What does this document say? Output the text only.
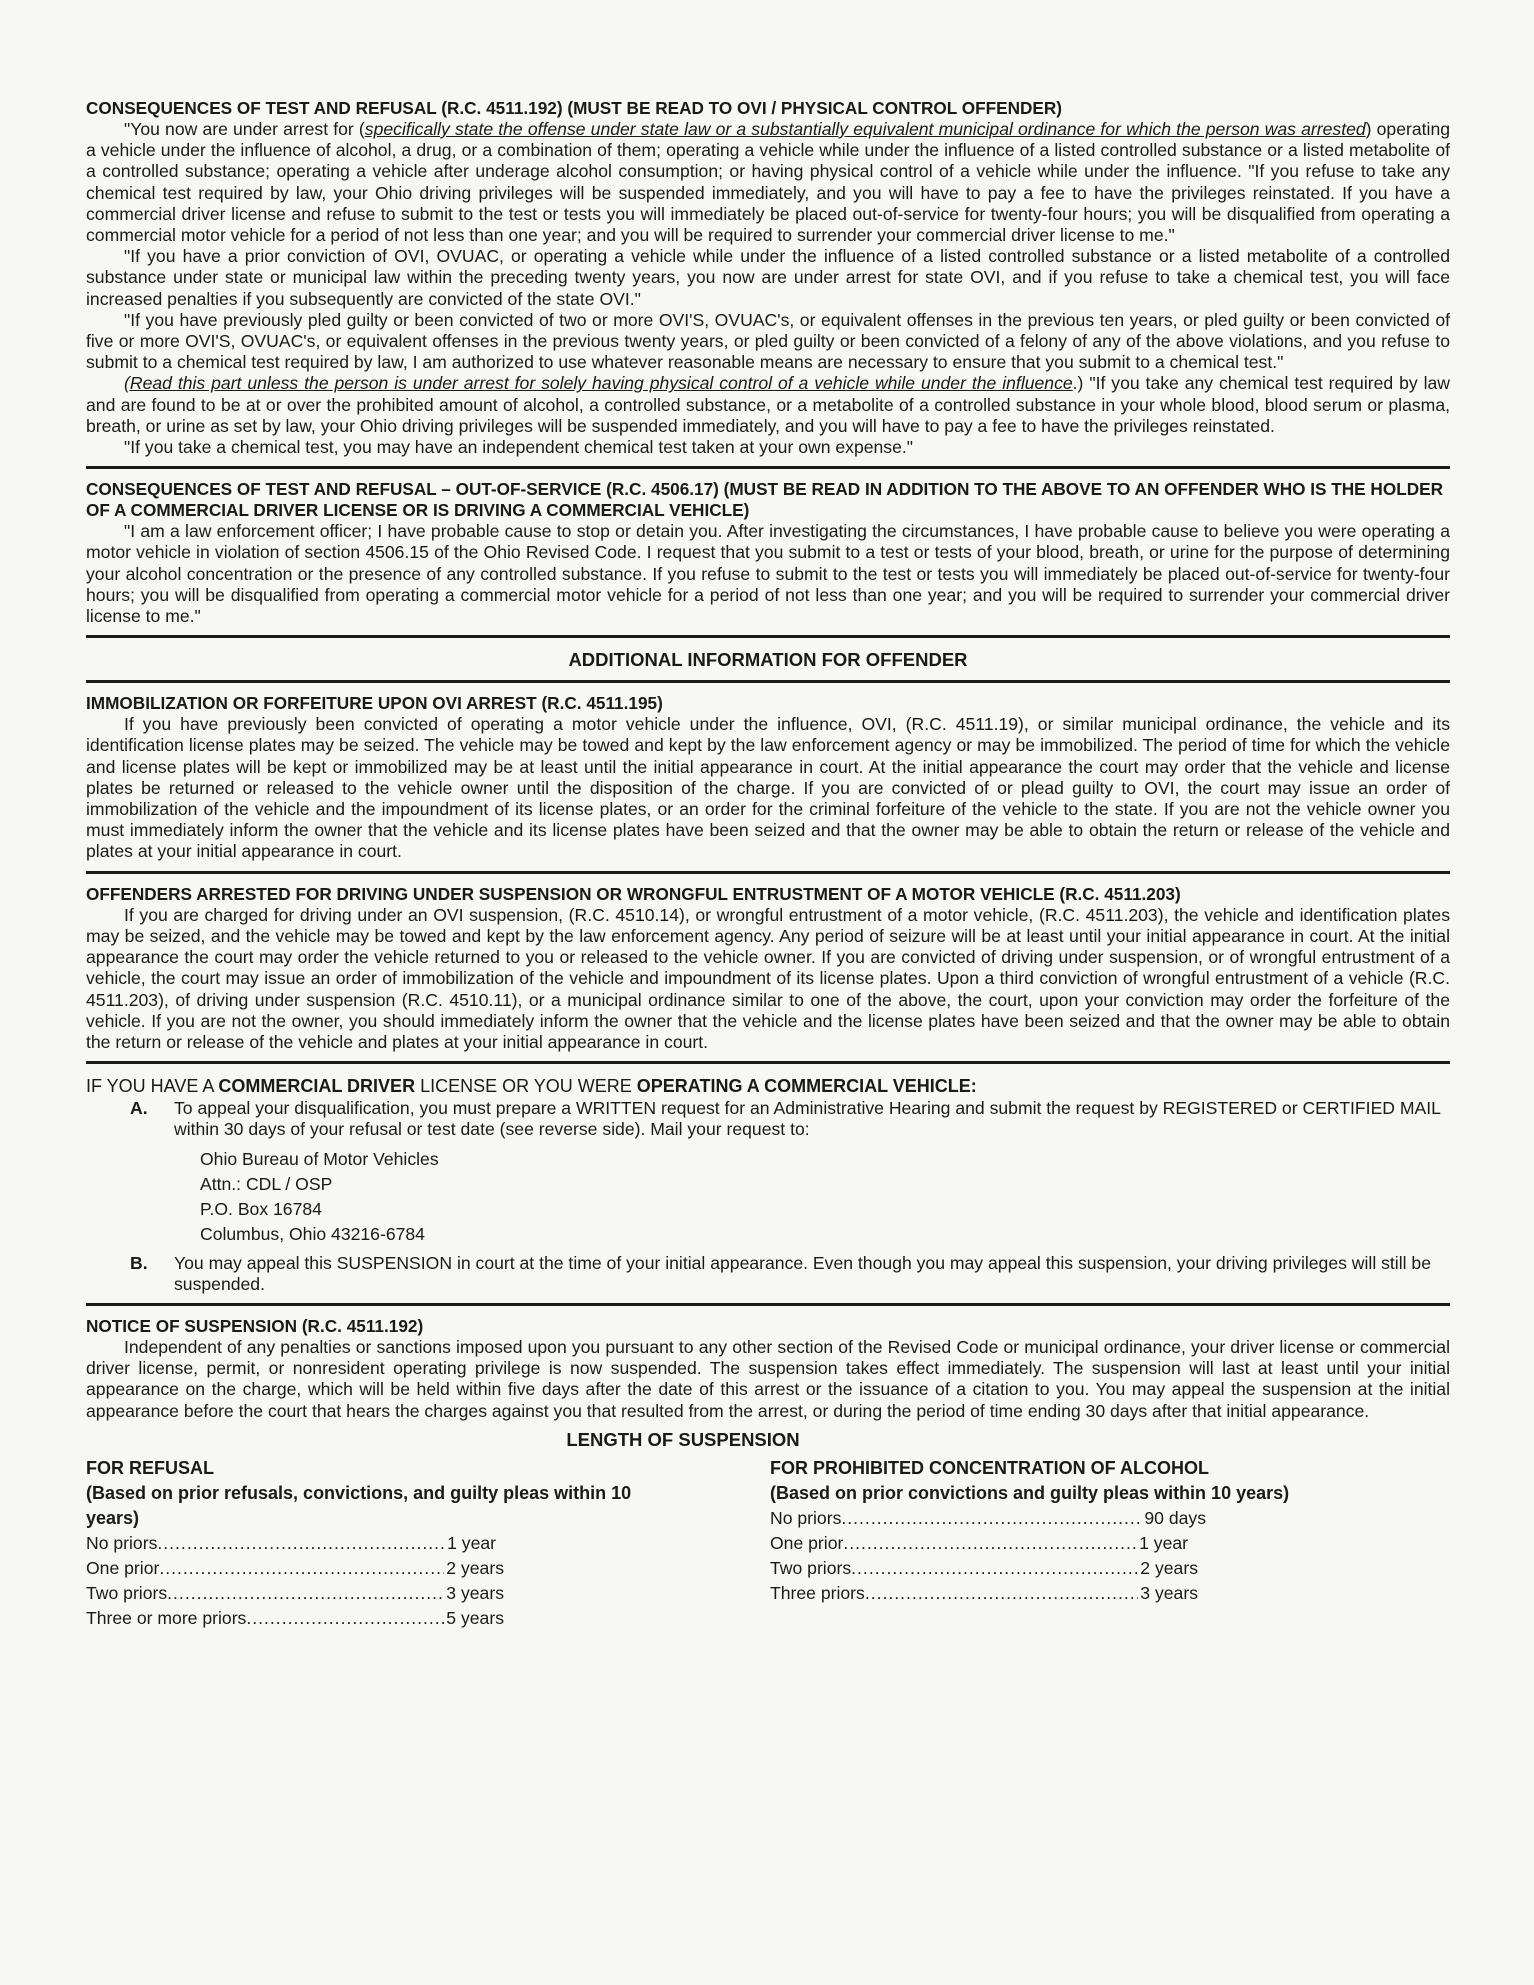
CONSEQUENCES OF TEST AND REFUSAL (R.C. 4511.192) (MUST BE READ TO OVI / PHYSICAL CONTROL OFFENDER)

"You now are under arrest for (specifically state the offense under state law or a substantially equivalent municipal ordinance for which the person was arrested) operating a vehicle under the influence of alcohol, a drug, or a combination of them; operating a vehicle while under the influence of a listed controlled substance or a listed metabolite of a controlled substance; operating a vehicle after underage alcohol consumption; or having physical control of a vehicle while under the influence. "If you refuse to take any chemical test required by law, your Ohio driving privileges will be suspended immediately, and you will have to pay a fee to have the privileges reinstated. If you have a commercial driver license and refuse to submit to the test or tests you will immediately be placed out-of-service for twenty-four hours; you will be disqualified from operating a commercial motor vehicle for a period of not less than one year; and you will be required to surrender your commercial driver license to me."

"If you have a prior conviction of OVI, OVUAC, or operating a vehicle while under the influence of a listed controlled substance or a listed metabolite of a controlled substance under state or municipal law within the preceding twenty years, you now are under arrest for state OVI, and if you refuse to take a chemical test, you will face increased penalties if you subsequently are convicted of the state OVI."

"If you have previously pled guilty or been convicted of two or more OVI'S, OVUAC's, or equivalent offenses in the previous ten years, or pled guilty or been convicted of five or more OVI'S, OVUAC's, or equivalent offenses in the previous twenty years, or pled guilty or been convicted of a felony of any of the above violations, and you refuse to submit to a chemical test required by law, I am authorized to use whatever reasonable means are necessary to ensure that you submit to a chemical test."

(Read this part unless the person is under arrest for solely having physical control of a vehicle while under the influence.) "If you take any chemical test required by law and are found to be at or over the prohibited amount of alcohol, a controlled substance, or a metabolite of a controlled substance in your whole blood, blood serum or plasma, breath, or urine as set by law, your Ohio driving privileges will be suspended immediately, and you will have to pay a fee to have the privileges reinstated.

"If you take a chemical test, you may have an independent chemical test taken at your own expense."

CONSEQUENCES OF TEST AND REFUSAL – OUT-OF-SERVICE (R.C. 4506.17) (MUST BE READ IN ADDITION TO THE ABOVE TO AN OFFENDER WHO IS THE HOLDER OF A COMMERCIAL DRIVER LICENSE OR IS DRIVING A COMMERCIAL VEHICLE)

"I am a law enforcement officer; I have probable cause to stop or detain you. After investigating the circumstances, I have probable cause to believe you were operating a motor vehicle in violation of section 4506.15 of the Ohio Revised Code. I request that you submit to a test or tests of your blood, breath, or urine for the purpose of determining your alcohol concentration or the presence of any controlled substance. If you refuse to submit to the test or tests you will immediately be placed out-of-service for twenty-four hours; you will be disqualified from operating a commercial motor vehicle for a period of not less than one year; and you will be required to surrender your commercial driver license to me."

ADDITIONAL INFORMATION FOR OFFENDER
IMMOBILIZATION OR FORFEITURE UPON OVI ARREST (R.C. 4511.195)

If you have previously been convicted of operating a motor vehicle under the influence, OVI, (R.C. 4511.19), or similar municipal ordinance, the vehicle and its identification license plates may be seized. The vehicle may be towed and kept by the law enforcement agency or may be immobilized. The period of time for which the vehicle and license plates will be kept or immobilized may be at least until the initial appearance in court. At the initial appearance the court may order that the vehicle and license plates be returned or released to the vehicle owner until the disposition of the charge. If you are convicted of or plead guilty to OVI, the court may issue an order of immobilization of the vehicle and the impoundment of its license plates, or an order for the criminal forfeiture of the vehicle to the state. If you are not the vehicle owner you must immediately inform the owner that the vehicle and its license plates have been seized and that the owner may be able to obtain the return or release of the vehicle and plates at your initial appearance in court.

OFFENDERS ARRESTED FOR DRIVING UNDER SUSPENSION OR WRONGFUL ENTRUSTMENT OF A MOTOR VEHICLE (R.C. 4511.203)

If you are charged for driving under an OVI suspension, (R.C. 4510.14), or wrongful entrustment of a motor vehicle, (R.C. 4511.203), the vehicle and identification plates may be seized, and the vehicle may be towed and kept by the law enforcement agency. Any period of seizure will be at least until your initial appearance in court. At the initial appearance the court may order the vehicle returned to you or released to the vehicle owner. If you are convicted of driving under suspension, or of wrongful entrustment of a vehicle, the court may issue an order of immobilization of the vehicle and impoundment of its license plates. Upon a third conviction of wrongful entrustment of a vehicle (R.C. 4511.203), of driving under suspension (R.C. 4510.11), or a municipal ordinance similar to one of the above, the court, upon your conviction may order the forfeiture of the vehicle. If you are not the owner, you should immediately inform the owner that the vehicle and the license plates have been seized and that the owner may be able to obtain the return or release of the vehicle and plates at your initial appearance in court.

IF YOU HAVE A COMMERCIAL DRIVER LICENSE OR YOU WERE OPERATING A COMMERCIAL VEHICLE:
A.	To appeal your disqualification, you must prepare a WRITTEN request for an Administrative Hearing and submit the request by REGISTERED or CERTIFIED MAIL within 30 days of your refusal or test date (see reverse side). Mail your request to:
Ohio Bureau of Motor Vehicles
Attn.: CDL / OSP
P.O. Box 16784
Columbus, Ohio 43216-6784
B.	You may appeal this SUSPENSION in court at the time of your initial appearance. Even though you may appeal this suspension, your driving privileges will still be suspended.
NOTICE OF SUSPENSION (R.C. 4511.192)

Independent of any penalties or sanctions imposed upon you pursuant to any other section of the Revised Code or municipal ordinance, your driver license or commercial driver license, permit, or nonresident operating privilege is now suspended. The suspension takes effect immediately. The suspension will last at least until your initial appearance on the charge, which will be held within five days after the date of this arrest or the issuance of a citation to you. You may appeal the suspension at the initial appearance before the court that hears the charges against you that resulted from the arrest, or during the period of time ending 30 days after that initial appearance.

LENGTH OF SUSPENSION
FOR REFUSAL
(Based on prior refusals, convictions, and guilty pleas within 10 years)
No priors .....	1 year
One prior .....	2 years
Two priors .....	3 years
Three or more priors .....	5 years
FOR PROHIBITED CONCENTRATION OF ALCOHOL
(Based on prior convictions and guilty pleas within 10 years)
No priors .....	90 days
One prior .....	1 year
Two priors .....	2 years
Three priors .....	3 years
